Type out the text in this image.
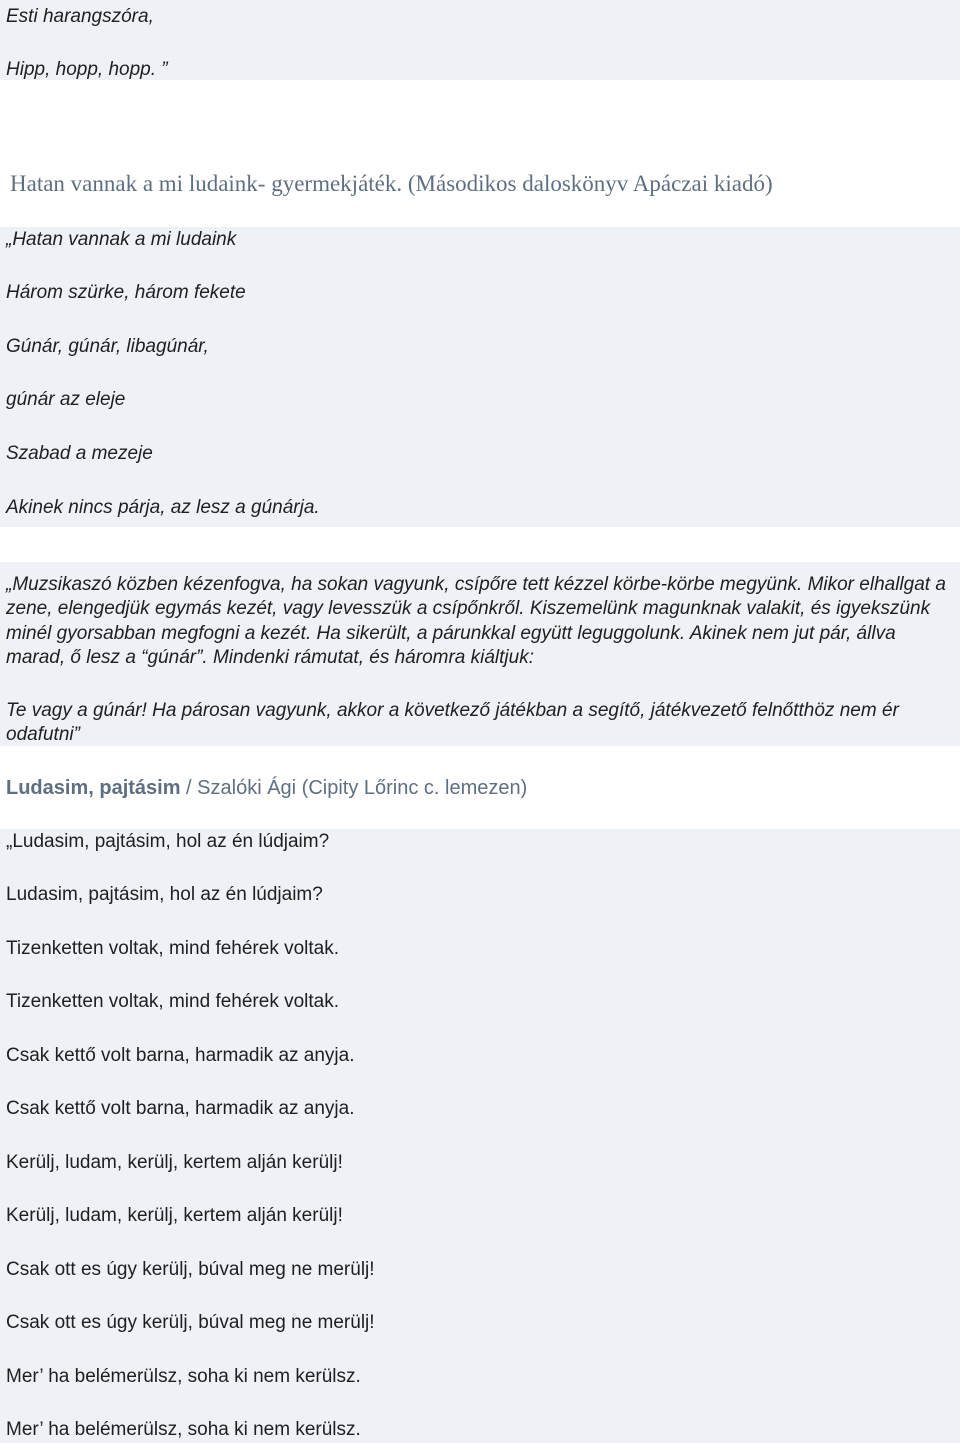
Esti harangszóra,
Hipp, hopp, hopp. ”
Hatan vannak a mi ludaink- gyermekjáték. (Másodikos daloskönyv Apáczai kiadó)
„Hatan vannak a mi ludaink
Három szürke, három fekete
Gúnár, gúnár, libagúnár,
gúnár az eleje
Szabad a mezeje
Akinek nincs párja, az lesz a gúnárja.
„Muzsikaszó közben kézenfogva, ha sokan vagyunk, csípőre tett kézzel körbe-körbe megyünk. Mikor elhallgat a zene, elengedjük egymás kezét, vagy levesszük a csípőnkről. Kiszemelünk magunknak valakit, és igyekszünk minél gyorsabban megfogni a kezét. Ha sikerült, a párunkkal együtt leguggolunk. Akinek nem jut pár, állva marad, ő lesz a “gúnár”. Mindenki rámutat, és háromra kiáltjuk:
Te vagy a gúnár! Ha párosan vagyunk, akkor a következő játékban a segítő, játékvezető felnőtthöz nem ér odafutni”
Ludasim, pajtásim / Szalóki Ági (Cipity Lőrinc c. lemezen)
„Ludasim, pajtásim, hol az én lúdjaim?
Ludasim, pajtásim, hol az én lúdjaim?
Tizenketten voltak, mind fehérek voltak.
Tizenketten voltak, mind fehérek voltak.
Csak kettő volt barna, harmadik az anyja.
Csak kettő volt barna, harmadik az anyja.
Kerülj, ludam, kerülj, kertem alján kerülj!
Kerülj, ludam, kerülj, kertem alján kerülj!
Csak ott es úgy kerülj, búval meg ne merülj!
Csak ott es úgy kerülj, búval meg ne merülj!
Mer’ ha belémerülsz, soha ki nem kerülsz.
Mer’ ha belémerülsz, soha ki nem kerülsz.
